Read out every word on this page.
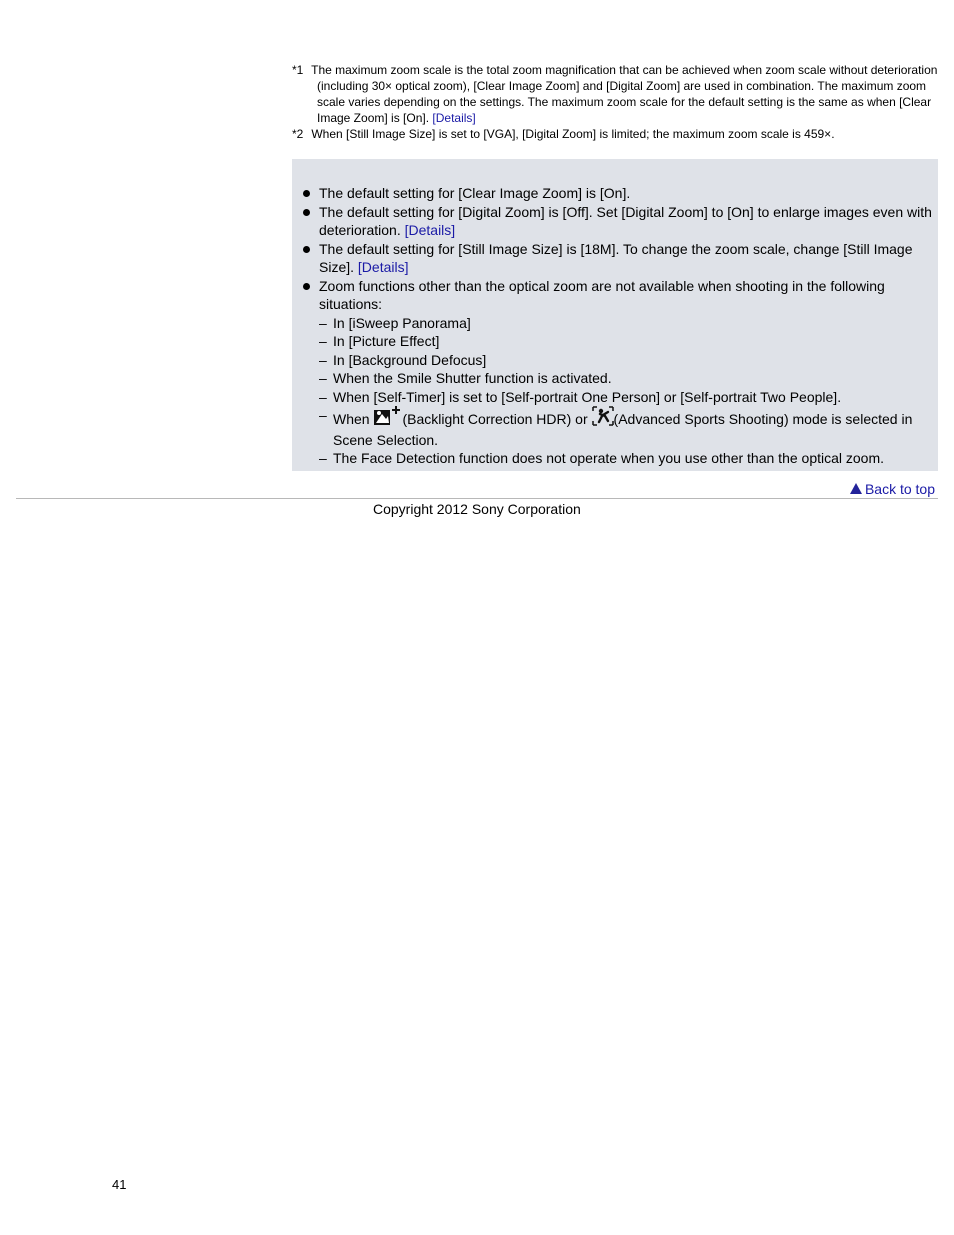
*1 The maximum zoom scale is the total zoom magnification that can be achieved when zoom scale without deterioration (including 30× optical zoom), [Clear Image Zoom] and [Digital Zoom] are used in combination. The maximum zoom scale varies depending on the settings. The maximum zoom scale for the default setting is the same as when [Clear Image Zoom] is [On]. [Details]

*2 When [Still Image Size] is set to [VGA], [Digital Zoom] is limited; the maximum zoom scale is 459×.

The default setting for [Clear Image Zoom] is [On].
The default setting for [Digital Zoom] is [Off]. Set [Digital Zoom] to [On] to enlarge images even with deterioration. [Details]
The default setting for [Still Image Size] is [18M]. To change the zoom scale, change [Still Image Size]. [Details]
Zoom functions other than the optical zoom are not available when shooting in the following situations:
– In [iSweep Panorama]
– In [Picture Effect]
– In [Background Defocus]
– When the Smile Shutter function is activated.
– When [Self-Timer] is set to [Self-portrait One Person] or [Self-portrait Two People].
– When (Backlight Correction HDR) or (Advanced Sports Shooting) mode is selected in Scene Selection.
– The Face Detection function does not operate when you use other than the optical zoom.
Back to top
Copyright 2012 Sony Corporation
41
